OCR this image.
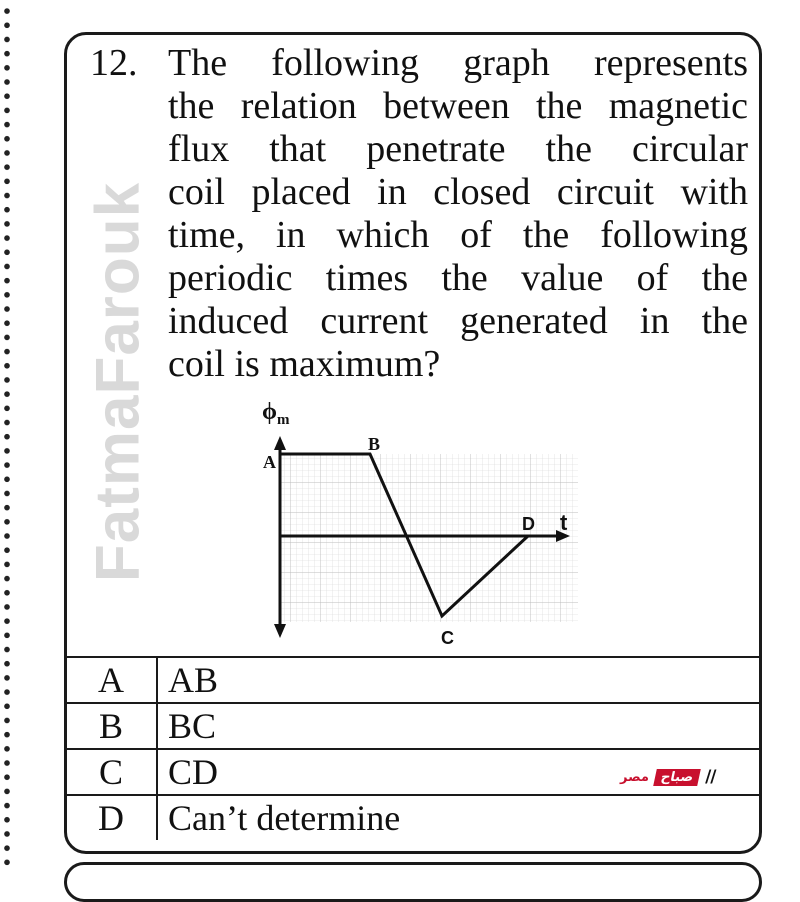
FatmaFarouk
12. The following graph represents
the relation between the magnetic
flux that penetrate the circular
coil placed in closed circuit with
time, in which of the following
periodic times the value of the
induced current generated in the
coil is maximum?
$\phi_m$
A
B
C
D t
A	AB
B	BC
C	CD
D	Can’t determine
مصر صباح //
